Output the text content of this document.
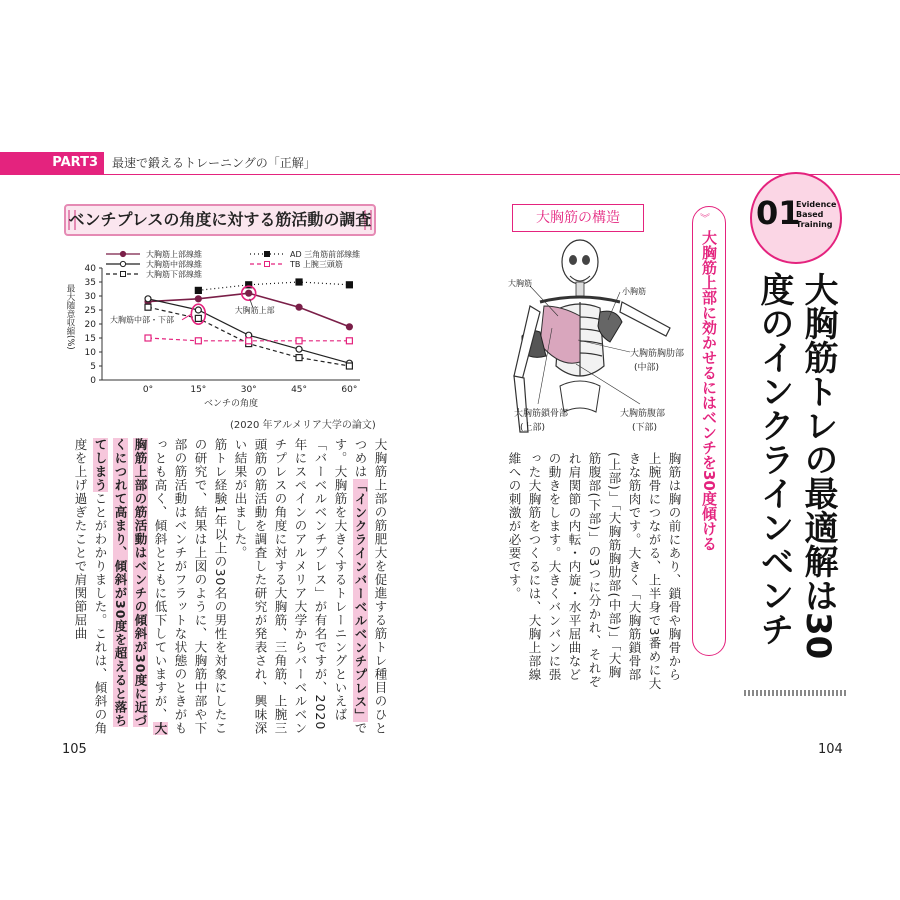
PART3	最速で鍛えるトレーニングの「正解」
ベンチプレスの角度に対する筋活動の調査
大胸筋上部線維
大胸筋中部線維
大胸筋下部線維
AD 三角筋前部線維
TB 上腕三頭筋
0
5
10
15
20
25
30
35
40
0°	15°	30°	45°	60°
ベンチの角度
最大随意収縮(%)	大胸筋中部・下部
大胸筋上部
(2020 年アルメリア大学の論文)
大胸筋上部の筋肥大を促進する筋トレ種目のひとつめは「インクラインバーベルベンチプレス」です。大胸筋を大きくするトレーニングといえば「バーベルベンチプレス」が有名ですが、2020年にスペインのアルメリア大学からバーベルベンチプレスの角度に対する大胸筋、三角筋、上腕三頭筋の筋活動を調査した研究が発表され、興味深い結果が出ました。
筋トレ経験1年以上の30名の男性を対象にしたこの研究で、結果は上図のように、大胸筋中部や下部の筋活動はベンチがフラットな状態のときがもっとも高く、傾斜とともに低下していますが、大胸筋上部の筋活動はベンチの傾斜が30度に近づくにつれて高まり、傾斜が30度を超えると落ちてしまうことがわかりました。これは、傾斜の角度を上げ過ぎたことで肩関節屈曲
105
大胸筋の構造
大胸筋
小胸筋
大胸筋胸肋部
(中部)
大胸筋鎖骨部
(上部)
大胸筋腹部
(下部)
胸筋は胸の前にあり、鎖骨や胸骨から上腕骨につながる、上半身で3番めに大きな筋肉です。大きく「大胸筋鎖骨部(上部)」「大胸筋胸肋部(中部)」「大胸筋腹部(下部)」の3つに分かれ、それぞれ肩関節の内転・内旋・水平屈曲などの動きをします。大きくバンバンに張った大胸筋をつくるには、大胸上部線維への刺激が必要です。
104
︾
大胸筋上部に効かせるにはベンチを30度傾ける
01
Evidence Based Training
大胸筋トレの最適解は30度のインクラインベンチ
